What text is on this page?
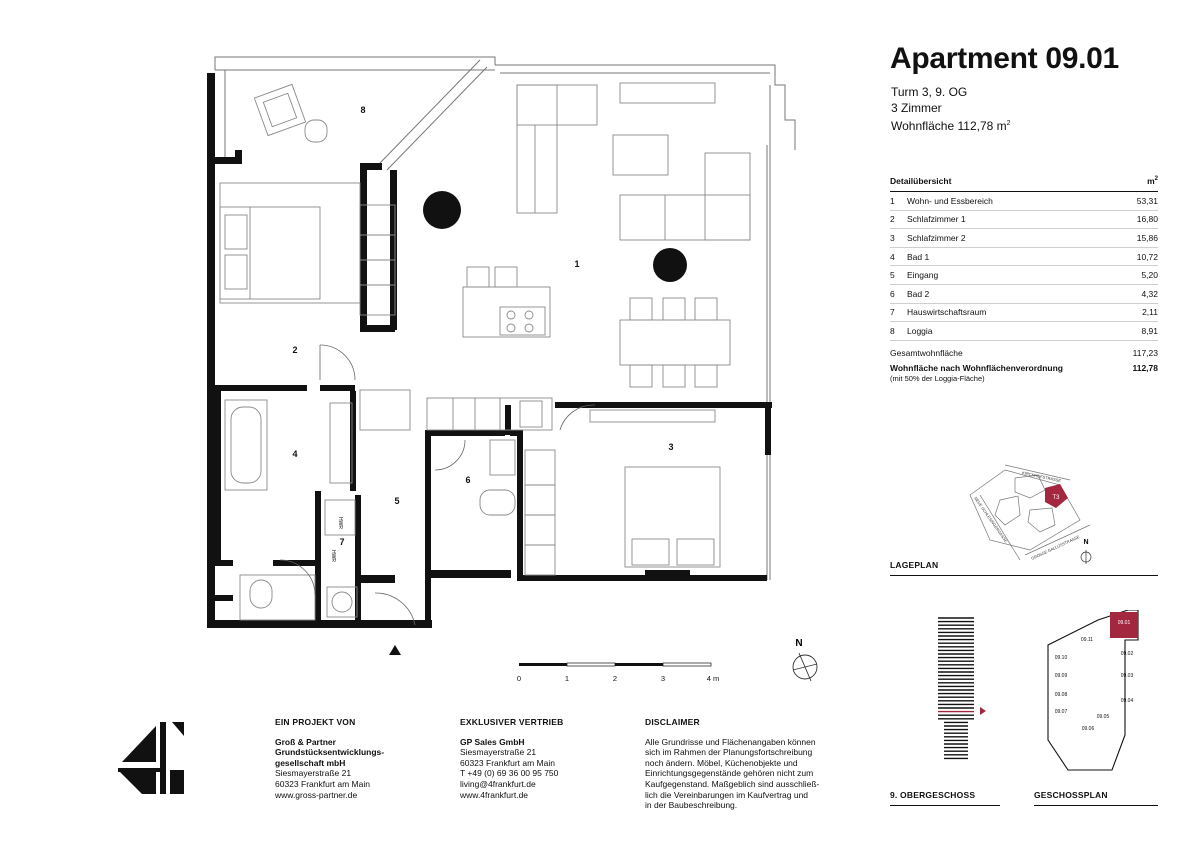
1
2
3
4
5
6
7
8
HWR
HWR
Apartment 09.01
Turm 3, 9. OG
3 Zimmer
Wohnfläche 112,78 $m^2$
Detailübersicht	$m^2$
1	Wohn- und Essbereich	53,31
2	Schlafzimmer 1	16,80
3	Schlafzimmer 2	15,86
4	Bad 1	10,72
5	Eingang	5,20
6	Bad 2	4,32
7	Hauswirtschaftsraum	2,11
8	Loggia	8,91
Gesamtwohnfläche	117,23
Wohnfläche nach Wohnflächenverordnung	112,78
(mit 50% der Loggia-Fläche)
T3
KIRCHHOFSTRASSE
NEUE SCHLESINGERGASSE
GROSSE GALLUSSTRASSE N
LAGEPLAN
09.01
09.02
09.03
09.04
09.05
09.06
09.07
09.08
09.09
09.10
09.11
9. OBERGESCHOSS	GESCHOSSPLAN
0	1	2	3	4 m
N
EIN PROJEKT VON
Groß & Partner
Grundstücksentwicklungs-
gesellschaft mbH
Siesmayerstraße 21
60323 Frankfurt am Main
www.gross-partner.de
EXKLUSIVER VERTRIEB
GP Sales GmbH
Siesmayerstraße 21
60323 Frankfurt am Main
T +49 (0) 69 36 00 95 750
living@4frankfurt.de
www.4frankfurt.de
DISCLAIMER
Alle Grundrisse und Flächenangaben können
sich im Rahmen der Planungsfortschreibung
noch ändern. Möbel, Küchenobjekte und
Einrichtungsgegenstände gehören nicht zum
Kaufgegenstand. Maßgeblich sind ausschließ-
lich die Vereinbarungen im Kaufvertrag und
in der Baubeschreibung.
